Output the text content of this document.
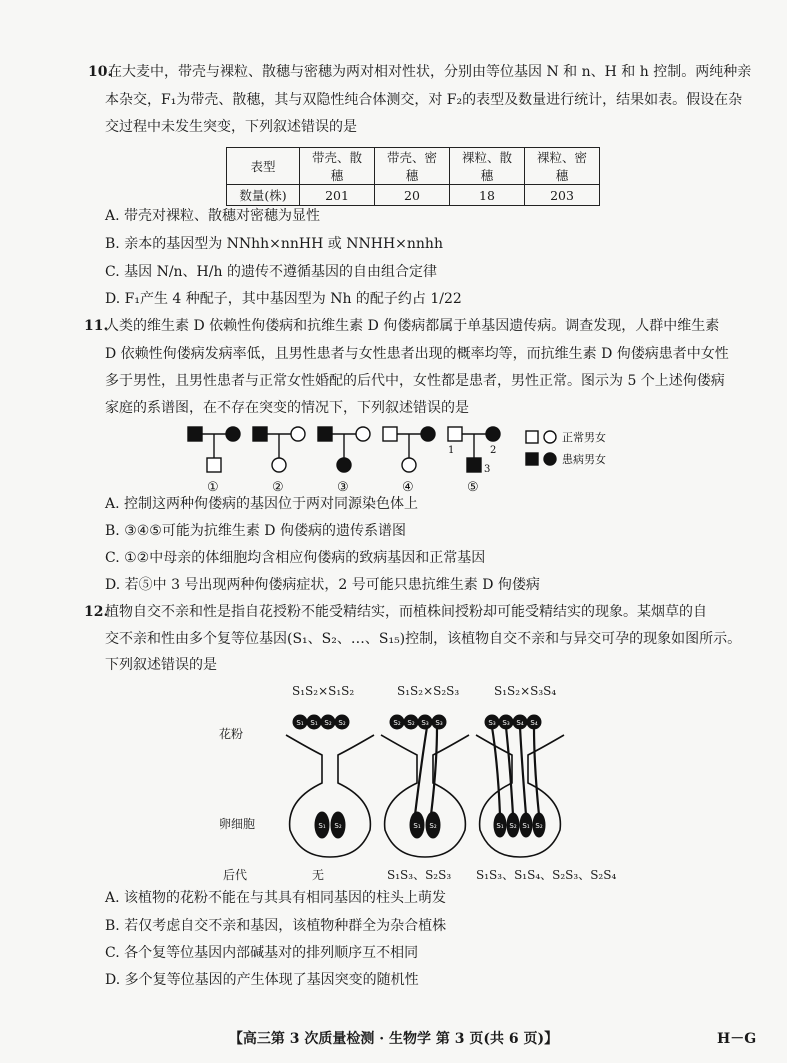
10.
在大麦中，带壳与裸粒、散穗与密穗为两对相对性状，分别由等位基因 N 和 n、H 和 h 控制。两纯种亲
本杂交，F₁为带壳、散穗，其与双隐性纯合体测交，对 F₂的表型及数量进行统计，结果如表。假设在杂
交过程中未发生突变，下列叙述错误的是
表型	带壳、散穗	带壳、密穗	裸粒、散穗	裸粒、密穗
数量(株)	201	20	18	203
A. 带壳对裸粒、散穗对密穗为显性
B. 亲本的基因型为 NNhh×nnHH 或 NNHH×nnhh
C. 基因 N/n、H/h 的遗传不遵循基因的自由组合定律
D. F₁产生 4 种配子，其中基因型为 Nh 的配子约占 1/22
11.
人类的维生素 D 依赖性佝偻病和抗维生素 D 佝偻病都属于单基因遗传病。调查发现，人群中维生素
D 依赖性佝偻病发病率低，且男性患者与女性患者出现的概率均等，而抗维生素 D 佝偻病患者中女性
多于男性，且男性患者与正常女性婚配的后代中，女性都是患者，男性正常。图示为 5 个上述佝偻病
家庭的系谱图，在不存在突变的情况下，下列叙述错误的是
①	②	③	④	⑤
1	2
3
正常男女
患病男女
A. 控制这两种佝偻病的基因位于两对同源染色体上
B. ③④⑤可能为抗维生素 D 佝偻病的遗传系谱图
C. ①②中母亲的体细胞均含相应佝偻病的致病基因和正常基因
D. 若⑤中 3 号出现两种佝偻病症状，2 号可能只患抗维生素 D 佝偻病
12.
植物自交不亲和性是指自花授粉不能受精结实，而植株间授粉却可能受精结实的现象。某烟草的自
交不亲和性由多个复等位基因(S₁、S₂、…、S₁₅)控制，该植物自交不亲和与异交可孕的现象如图所示。
下列叙述错误的是
S₁S₂×S₁S₂	S₁S₂×S₂S₃	S₁S₂×S₃S₄
花粉
卵细胞
后代	无	S₁S₃、S₂S₃ S₁S₃、S₁S₄、S₂S₃、S₂S₄
S₁ S₁ S₂ S₂
S₁ S₂
S₂ S₂ S₃ S₃
S₁ S₂
S₃ S₃ S₄ S₄
S₁ S₂ S₁ S₂
A. 该植物的花粉不能在与其具有相同基因的柱头上萌发
B. 若仅考虑自交不亲和基因，该植物种群全为杂合植株
C. 各个复等位基因内部碱基对的排列顺序互不相同
D. 多个复等位基因的产生体现了基因突变的随机性
【高三第 3 次质量检测 · 生物学 第 3 页(共 6 页)】	H－G
